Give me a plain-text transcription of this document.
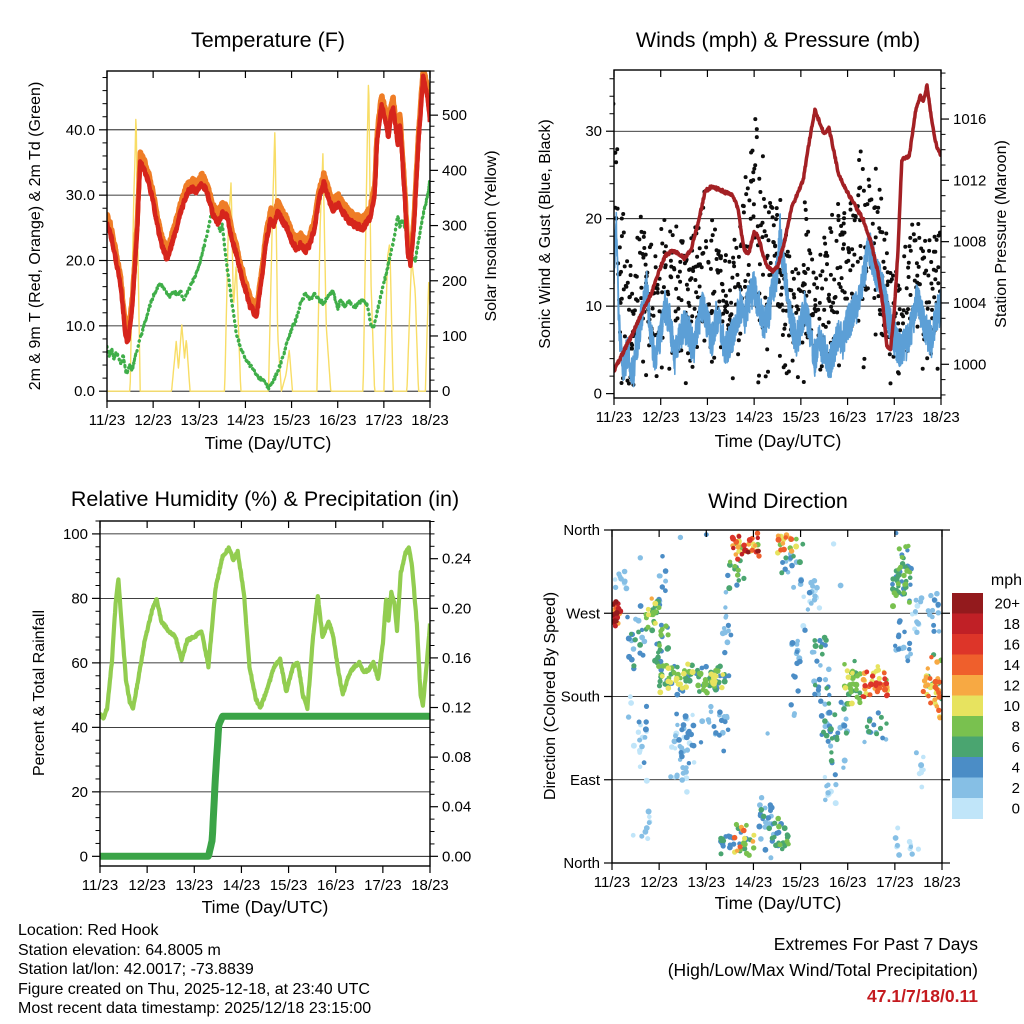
11/23 12/23 13/23 14/23 15/23 16/23 17/23 18/23
0.0
10.0
20.0
30.0
40.0
0
100
200
300
400
500
11/23 12/23 13/23 14/23 15/23 16/23 17/23 18/23
0
10
20
30
1000
1004
1008
1012
1016
11/23 12/23 13/23 14/23 15/23 16/23 17/23 18/23
0
20
40
60
80
100
0.00
0.04
0.08
0.12
0.16
0.20
0.24
11/23 12/23 13/23 14/23 15/23 16/23 17/23 18/23
North
West
South
East
North
20+
18
16
14
12
10
8
6
4
2
0
Temperature (F)	Winds (mph) & Pressure (mb)
Relative Humidity (%) & Precipitation (in)	Wind Direction
2m & 9m T (Red, Orange) & 2m Td (Green)	Solar Insolation (Yellow) Sonic Wind & Gust (Blue, Black)	Station Pressure (Maroon)
Percent & Total Rainfall	Direction (Colored By Speed)
Time (Day/UTC)	Time (Day/UTC)
Time (Day/UTC)	Time (Day/UTC)
mph
Location: Red Hook
Station elevation: 64.8005 m
Station lat/lon: 42.0017; -73.8839
Figure created on Thu, 2025-12-18, at 23:40 UTC
Most recent data timestamp: 2025/12/18 23:15:00
Extremes For Past 7 Days
(High/Low/Max Wind/Total Precipitation)
47.1/7/18/0.11
